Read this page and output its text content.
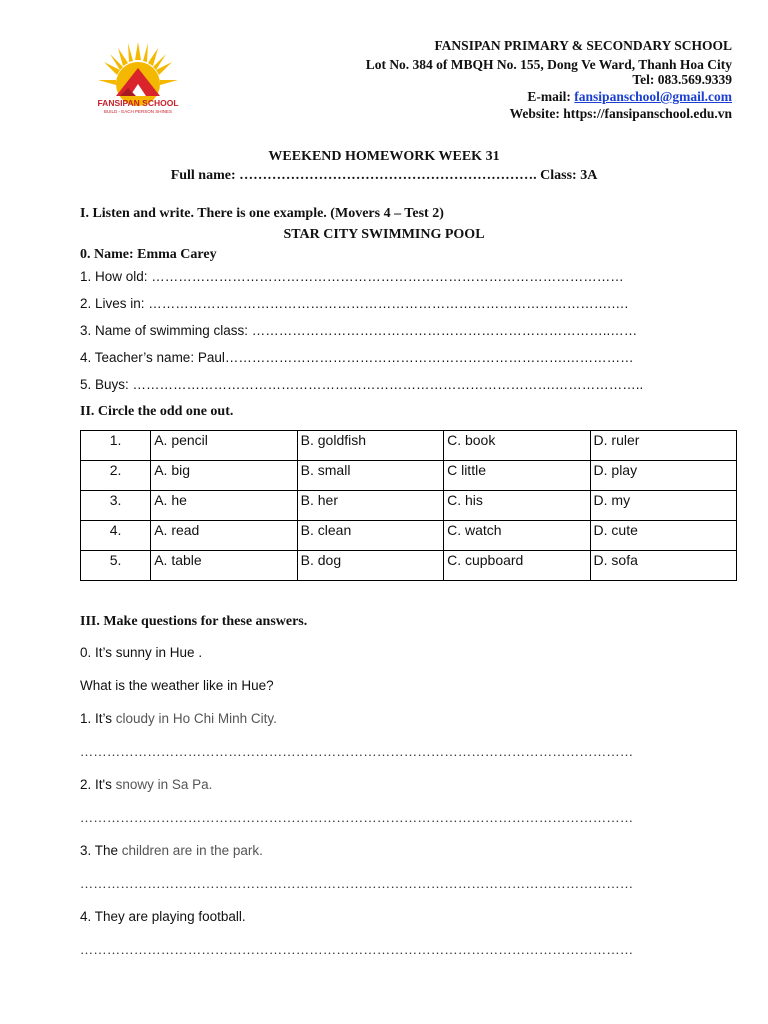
FANSIPAN SCHOOL
BUILD - EACH PERSON SHINES
FANSIPAN PRIMARY & SECONDARY SCHOOL
Lot No. 384 of MBQH No. 155, Dong Ve Ward, Thanh Hoa City
Tel: 083.569.9339
E-mail: fansipanschool@gmail.com
Website: https://fansipanschool.edu.vn
WEEKEND HOMEWORK WEEK 31
Full name: ………………………………………………………. Class: 3A
I. Listen and write. There is one example. (Movers 4 – Test 2)
STAR CITY SWIMMING POOL
0. Name: Emma Carey
1. How old: ……………………………………………………………………………………………
2. Lives in: ………………………………………………………………………………………….….
3. Name of swimming class: ……………………………………………………………………..……
4. Teacher’s name: Paul………………………………………………………………….……………
5. Buys: ………………………………………………………………………………….………………..
II. Circle the odd one out.
1.	A. pencil	B. goldfish	C. book	D. ruler
2.	A. big	B. small	C little	D. play
3.	A. he	B. her	C. his	D. my
4.	A. read	B. clean	C. watch	D. cute
5.	A. table	B. dog	C. cupboard	D. sofa
III. Make questions for these answers.
0. It’s sunny in Hue .
What is the weather like in Hue?
1. It’s cloudy in Ho Chi Minh City.
……………………………………………………………………………………………………………
2. It's snowy in Sa Pa.
……………………………………………………………………………………………………………
3. The children are in the park.
……………………………………………………………………………………………………………
4. They are playing football.
……………………………………………………………………………………………………………
